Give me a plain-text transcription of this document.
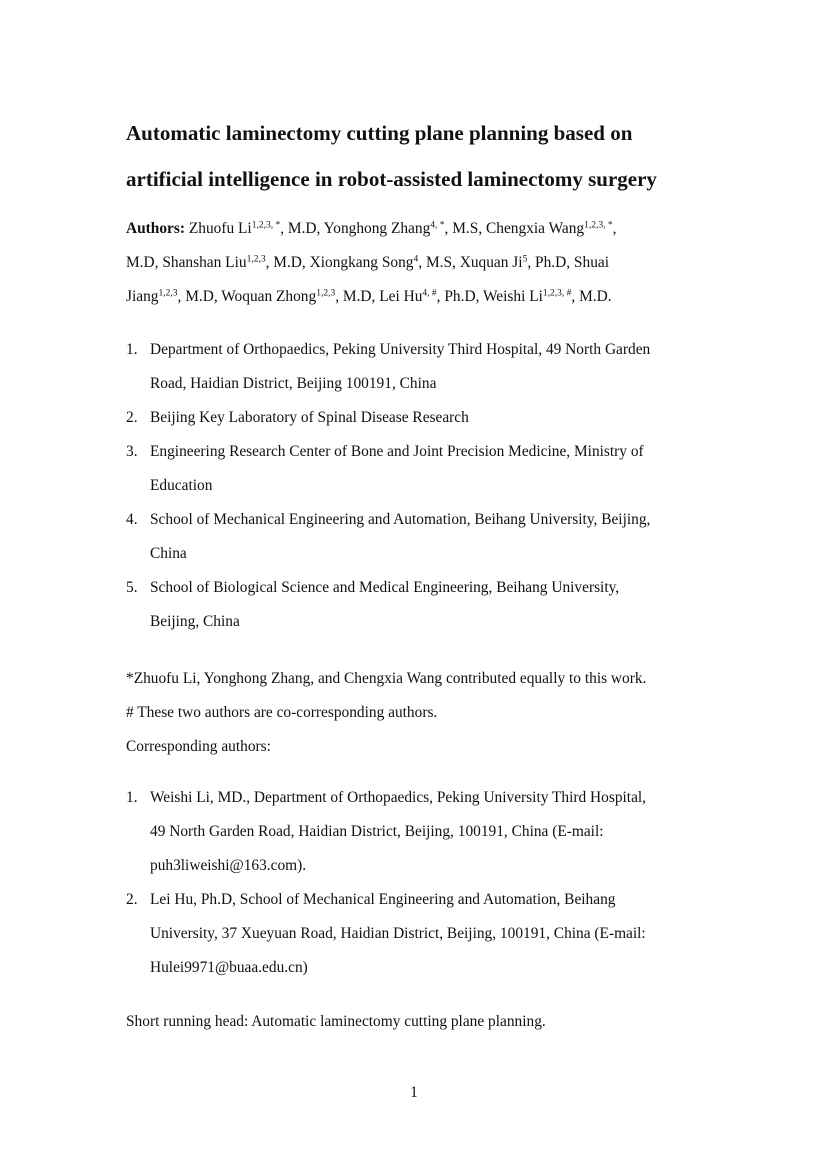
Automatic laminectomy cutting plane planning based on
artificial intelligence in robot-assisted laminectomy surgery
Authors: Zhuofu $Li^{1,2,3, *}$, M.D, Yonghong Zhang$^{4, *}$, M.S, Chengxia Wang$^{1,2,3, *}$,
M.D, Shanshan Liu$^{1,2,3}$, M.D, Xiongkang Song$^4$, M.S, Xuquan Ji$^5$, Ph.D, Shuai
Jiang$^{1,2,3}$, M.D, Woquan Zhong$^{1,2,3}$, M.D, Lei $Hu^{4, \#}$, Ph.D, Weishi $Li^{1,2,3, \#}$, M.D.
1. Department of Orthopaedics, Peking University Third Hospital, 49 North Garden
Road, Haidian District, Beijing 100191, China
2. Beijing Key Laboratory of Spinal Disease Research
3. Engineering Research Center of Bone and Joint Precision Medicine, Ministry of
Education
4. School of Mechanical Engineering and Automation, Beihang University, Beijing,
China
5. School of Biological Science and Medical Engineering, Beihang University,
Beijing, China
*Zhuofu Li, Yonghong Zhang, and Chengxia Wang contributed equally to this work.
# These two authors are co-corresponding authors.
Corresponding authors:
1. Weishi Li, MD., Department of Orthopaedics, Peking University Third Hospital,
49 North Garden Road, Haidian District, Beijing, 100191, China (E-mail:
puh3liweishi@163.com).
2. Lei Hu, Ph.D, School of Mechanical Engineering and Automation, Beihang
University, 37 Xueyuan Road, Haidian District, Beijing, 100191, China (E-mail:
Hulei9971@buaa.edu.cn)
Short running head: Automatic laminectomy cutting plane planning.
1
